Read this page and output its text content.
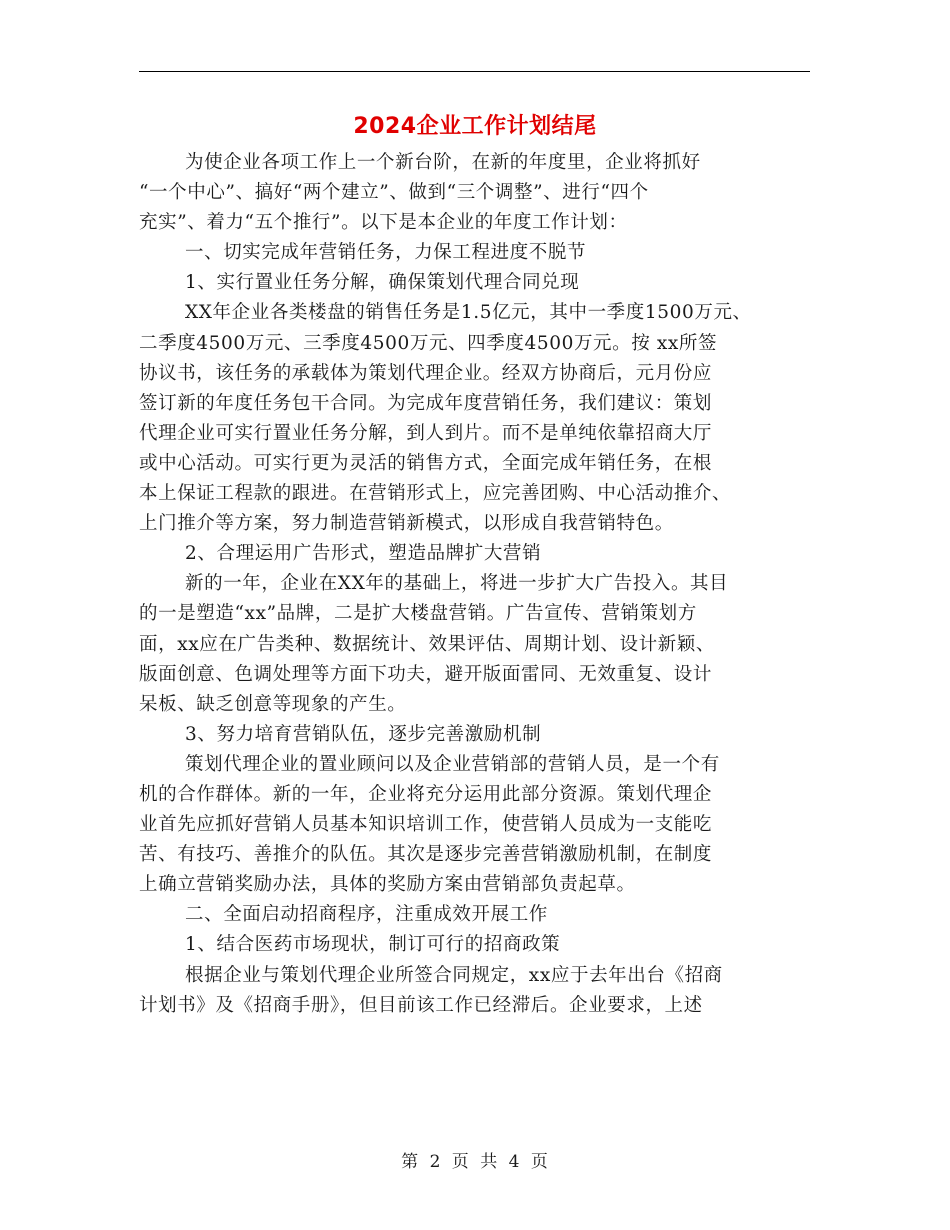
2024企业工作计划结尾
为使企业各项工作上一个新台阶，在新的年度里，企业将抓好
“一个中心”、搞好“两个建立”、做到“三个调整”、进行“四个
充实”、着力“五个推行”。以下是本企业的年度工作计划：
一、切实完成年营销任务，力保工程进度不脱节
1、实行置业任务分解，确保策划代理合同兑现
XX年企业各类楼盘的销售任务是1.5亿元，其中一季度1500万元、
二季度4500万元、三季度4500万元、四季度4500万元。按 xx所签
协议书，该任务的承载体为策划代理企业。经双方协商后，元月份应
签订新的年度任务包干合同。为完成年度营销任务，我们建议：策划
代理企业可实行置业任务分解，到人到片。而不是单纯依靠招商大厅
或中心活动。可实行更为灵活的销售方式，全面完成年销任务，在根
本上保证工程款的跟进。在营销形式上，应完善团购、中心活动推介、
上门推介等方案，努力制造营销新模式，以形成自我营销特色。
2、合理运用广告形式，塑造品牌扩大营销
新的一年，企业在XX年的基础上，将进一步扩大广告投入。其目
的一是塑造“xx”品牌，二是扩大楼盘营销。广告宣传、营销策划方
面，xx应在广告类种、数据统计、效果评估、周期计划、设计新颖、
版面创意、色调处理等方面下功夫，避开版面雷同、无效重复、设计
呆板、缺乏创意等现象的产生。
3、努力培育营销队伍，逐步完善激励机制
策划代理企业的置业顾问以及企业营销部的营销人员，是一个有
机的合作群体。新的一年，企业将充分运用此部分资源。策划代理企
业首先应抓好营销人员基本知识培训工作，使营销人员成为一支能吃
苦、有技巧、善推介的队伍。其次是逐步完善营销激励机制，在制度
上确立营销奖励办法，具体的奖励方案由营销部负责起草。
二、全面启动招商程序，注重成效开展工作
1、结合医药市场现状，制订可行的招商政策
根据企业与策划代理企业所签合同规定，xx应于去年出台《招商
计划书》及《招商手册》，但目前该工作已经滞后。企业要求，上述
第 2 页 共 4 页
